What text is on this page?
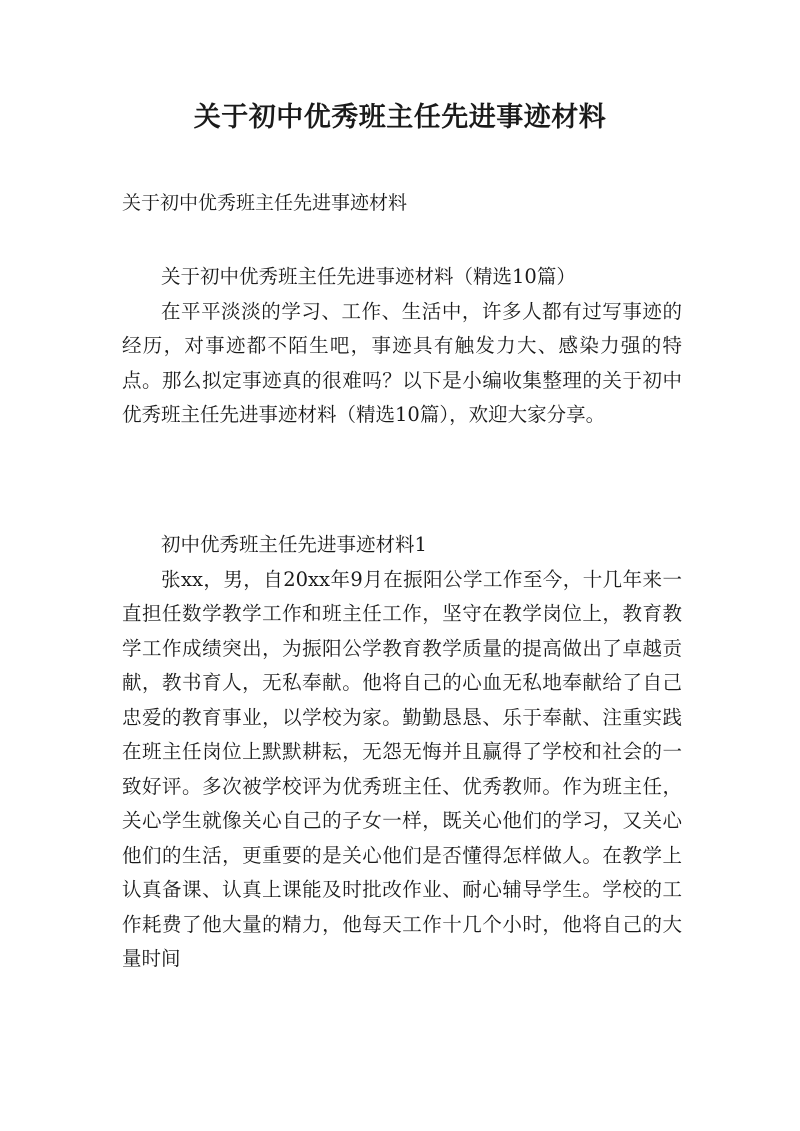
关于初中优秀班主任先进事迹材料

关于初中优秀班主任先进事迹材料

关于初中优秀班主任先进事迹材料（精选10篇）

在平平淡淡的学习、工作、生活中，许多人都有过写事迹的经历，对事迹都不陌生吧，事迹具有触发力大、感染力强的特点。那么拟定事迹真的很难吗？以下是小编收集整理的关于初中优秀班主任先进事迹材料（精选10篇），欢迎大家分享。

初中优秀班主任先进事迹材料1

张xx，男，自20xx年9月在振阳公学工作至今，十几年来一直担任数学教学工作和班主任工作，坚守在教学岗位上，教育教学工作成绩突出，为振阳公学教育教学质量的提高做出了卓越贡献，教书育人，无私奉献。他将自己的心血无私地奉献给了自己忠爱的教育事业，以学校为家。勤勤恳恳、乐于奉献、注重实践在班主任岗位上默默耕耘，无怨无悔并且赢得了学校和社会的一致好评。多次被学校评为优秀班主任、优秀教师。作为班主任，关心学生就像关心自己的子女一样，既关心他们的学习，又关心他们的生活，更重要的是关心他们是否懂得怎样做人。在教学上认真备课、认真上课能及时批改作业、耐心辅导学生。学校的工作耗费了他大量的精力，他每天工作十几个小时，他将自己的大量时间
